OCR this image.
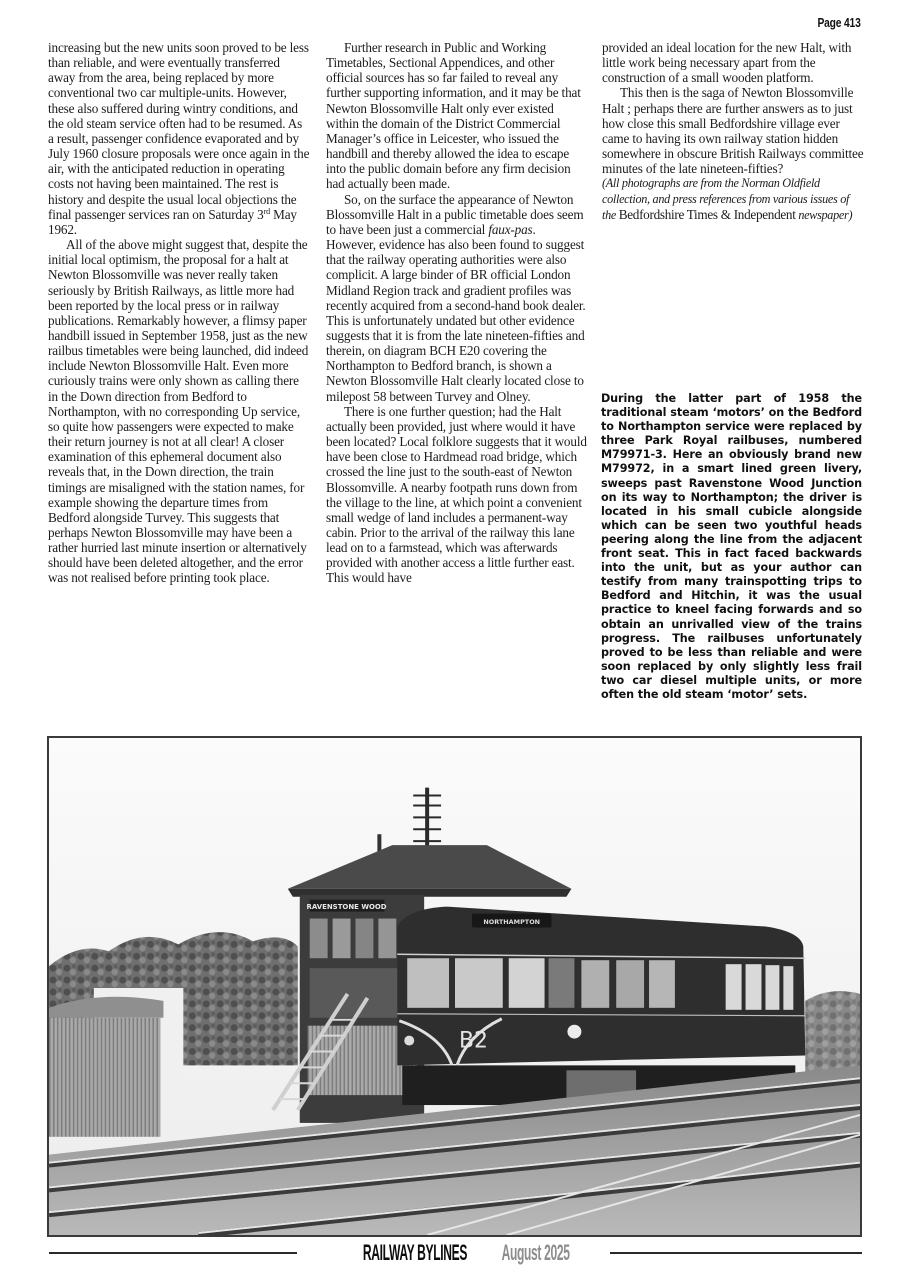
Page 413

increasing but the new units soon proved to be less than reliable, and were eventually transferred away from the area, being replaced by more conventional two car multiple-units. However, these also suffered during wintry conditions, and the old steam service often had to be resumed. As a result, passenger confidence evaporated and by July 1960 closure proposals were once again in the air, with the anticipated reduction in operating costs not having been maintained. The rest is history and despite the usual local objections the final passenger services ran on Saturday 3rd May 1962.

All of the above might suggest that, despite the initial local optimism, the proposal for a halt at Newton Blossomville was never really taken seriously by British Railways, as little more had been reported by the local press or in railway publications. Remarkably however, a flimsy paper handbill issued in September 1958, just as the new railbus timetables were being launched, did indeed include Newton Blossomville Halt. Even more curiously trains were only shown as calling there in the Down direction from Bedford to Northampton, with no corresponding Up service, so quite how passengers were expected to make their return journey is not at all clear! A closer examination of this ephemeral document also reveals that, in the Down direction, the train timings are misaligned with the station names, for example showing the departure times from Bedford alongside Turvey. This suggests that perhaps Newton Blossomville may have been a rather hurried last minute insertion or alternatively should have been deleted altogether, and the error was not realised before printing took place.

Further research in Public and Working Timetables, Sectional Appendices, and other official sources has so far failed to reveal any further supporting information, and it may be that Newton Blossomville Halt only ever existed within the domain of the District Commercial Manager’s office in Leicester, who issued the handbill and thereby allowed the idea to escape into the public domain before any firm decision had actually been made.

So, on the surface the appearance of Newton Blossomville Halt in a public timetable does seem to have been just a commercial faux-pas. However, evidence has also been found to suggest that the railway operating authorities were also complicit. A large binder of BR official London Midland Region track and gradient profiles was recently acquired from a second-hand book dealer. This is unfortunately undated but other evidence suggests that it is from the late nineteen-fifties and therein, on diagram BCH E20 covering the Northampton to Bedford branch, is shown a Newton Blossomville Halt clearly located close to milepost 58 between Turvey and Olney.

There is one further question; had the Halt actually been provided, just where would it have been located? Local folklore suggests that it would have been close to Hardmead road bridge, which crossed the line just to the south-east of Newton Blossomville. A nearby footpath runs down from the village to the line, at which point a convenient small wedge of land includes a permanent-way cabin. Prior to the arrival of the railway this lane lead on to a farmstead, which was afterwards provided with another access a little further east. This would have

provided an ideal location for the new Halt, with little work being necessary apart from the construction of a small wooden platform.

This then is the saga of Newton Blossomville Halt ; perhaps there are further answers as to just how close this small Bedfordshire village ever came to having its own railway station hidden somewhere in obscure British Railways committee minutes of the late nineteen-fifties?

(All photographs are from the Norman Oldfield collection, and press references from various issues of the Bedfordshire Times & Independent newspaper)

During the latter part of 1958 the traditional steam ‘motors’ on the Bedford to Northampton service were replaced by three Park Royal railbuses, numbered M79971-3. Here an obviously brand new M79972, in a smart lined green livery, sweeps past Ravenstone Wood Junction on its way to Northampton; the driver is located in his small cubicle alongside which can be seen two youthful heads peering along the line from the adjacent front seat. This in fact faced backwards into the unit, but as your author can testify from many trainspotting trips to Bedford and Hitchin, it was the usual practice to kneel facing forwards and so obtain an unrivalled view of the trains progress. The railbuses unfortunately proved to be less than reliable and were soon replaced by only slightly less frail two car diesel multiple units, or more often the old steam ‘motor’ sets.
RAVENSTONE WOOD
NORTHAMPTON
B2
RAILWAY BYLINES August 2025
